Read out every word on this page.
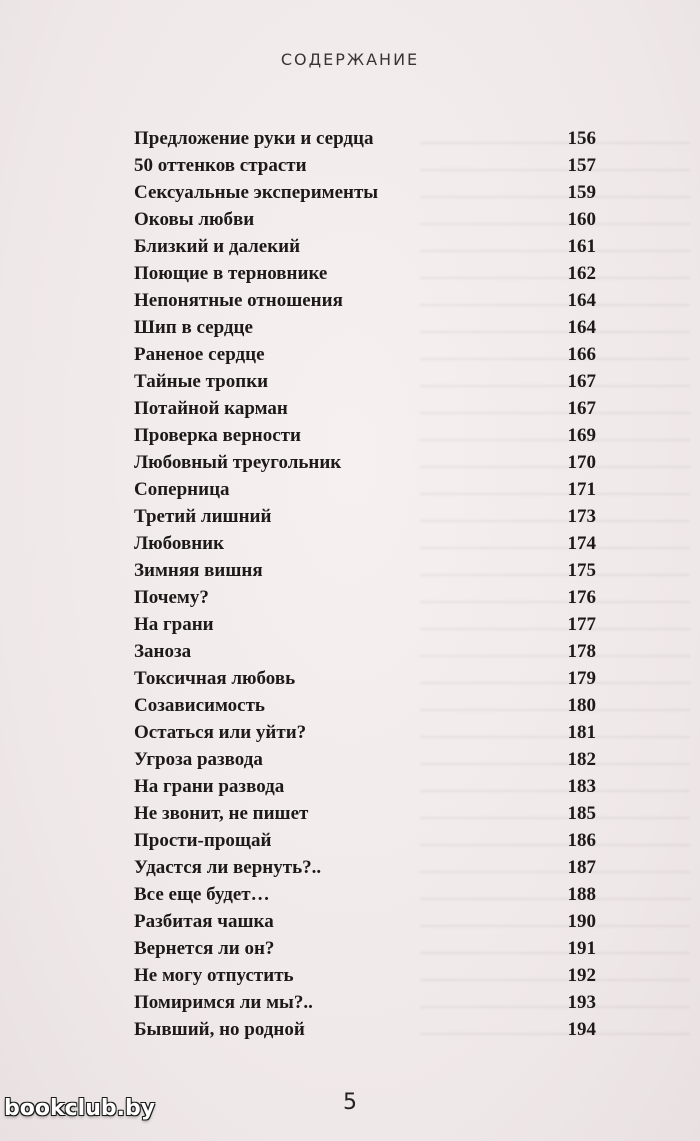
СОДЕРЖАНИЕ
Предложение руки и сердца	156
50 оттенков страсти	157
Сексуальные эксперименты	159
Оковы любви	160
Близкий и далекий	161
Поющие в терновнике	162
Непонятные отношения	164
Шип в сердце	164
Раненое сердце	166
Тайные тропки	167
Потайной карман	167
Проверка верности	169
Любовный треугольник	170
Соперница	171
Третий лишний	173
Любовник	174
Зимняя вишня	175
Почему?	176
На грани	177
Заноза	178
Токсичная любовь	179
Созависимость	180
Остаться или уйти?	181
Угроза развода	182
На грани развода	183
Не звонит, не пишет	185
Прости-прощай	186
Удастся ли вернуть?..	187
Все еще будет…	188
Разбитая чашка	190
Вернется ли он?	191
Не могу отпустить	192
Помиримся ли мы?..	193
Бывший, но родной	194
5
bookclub.by
